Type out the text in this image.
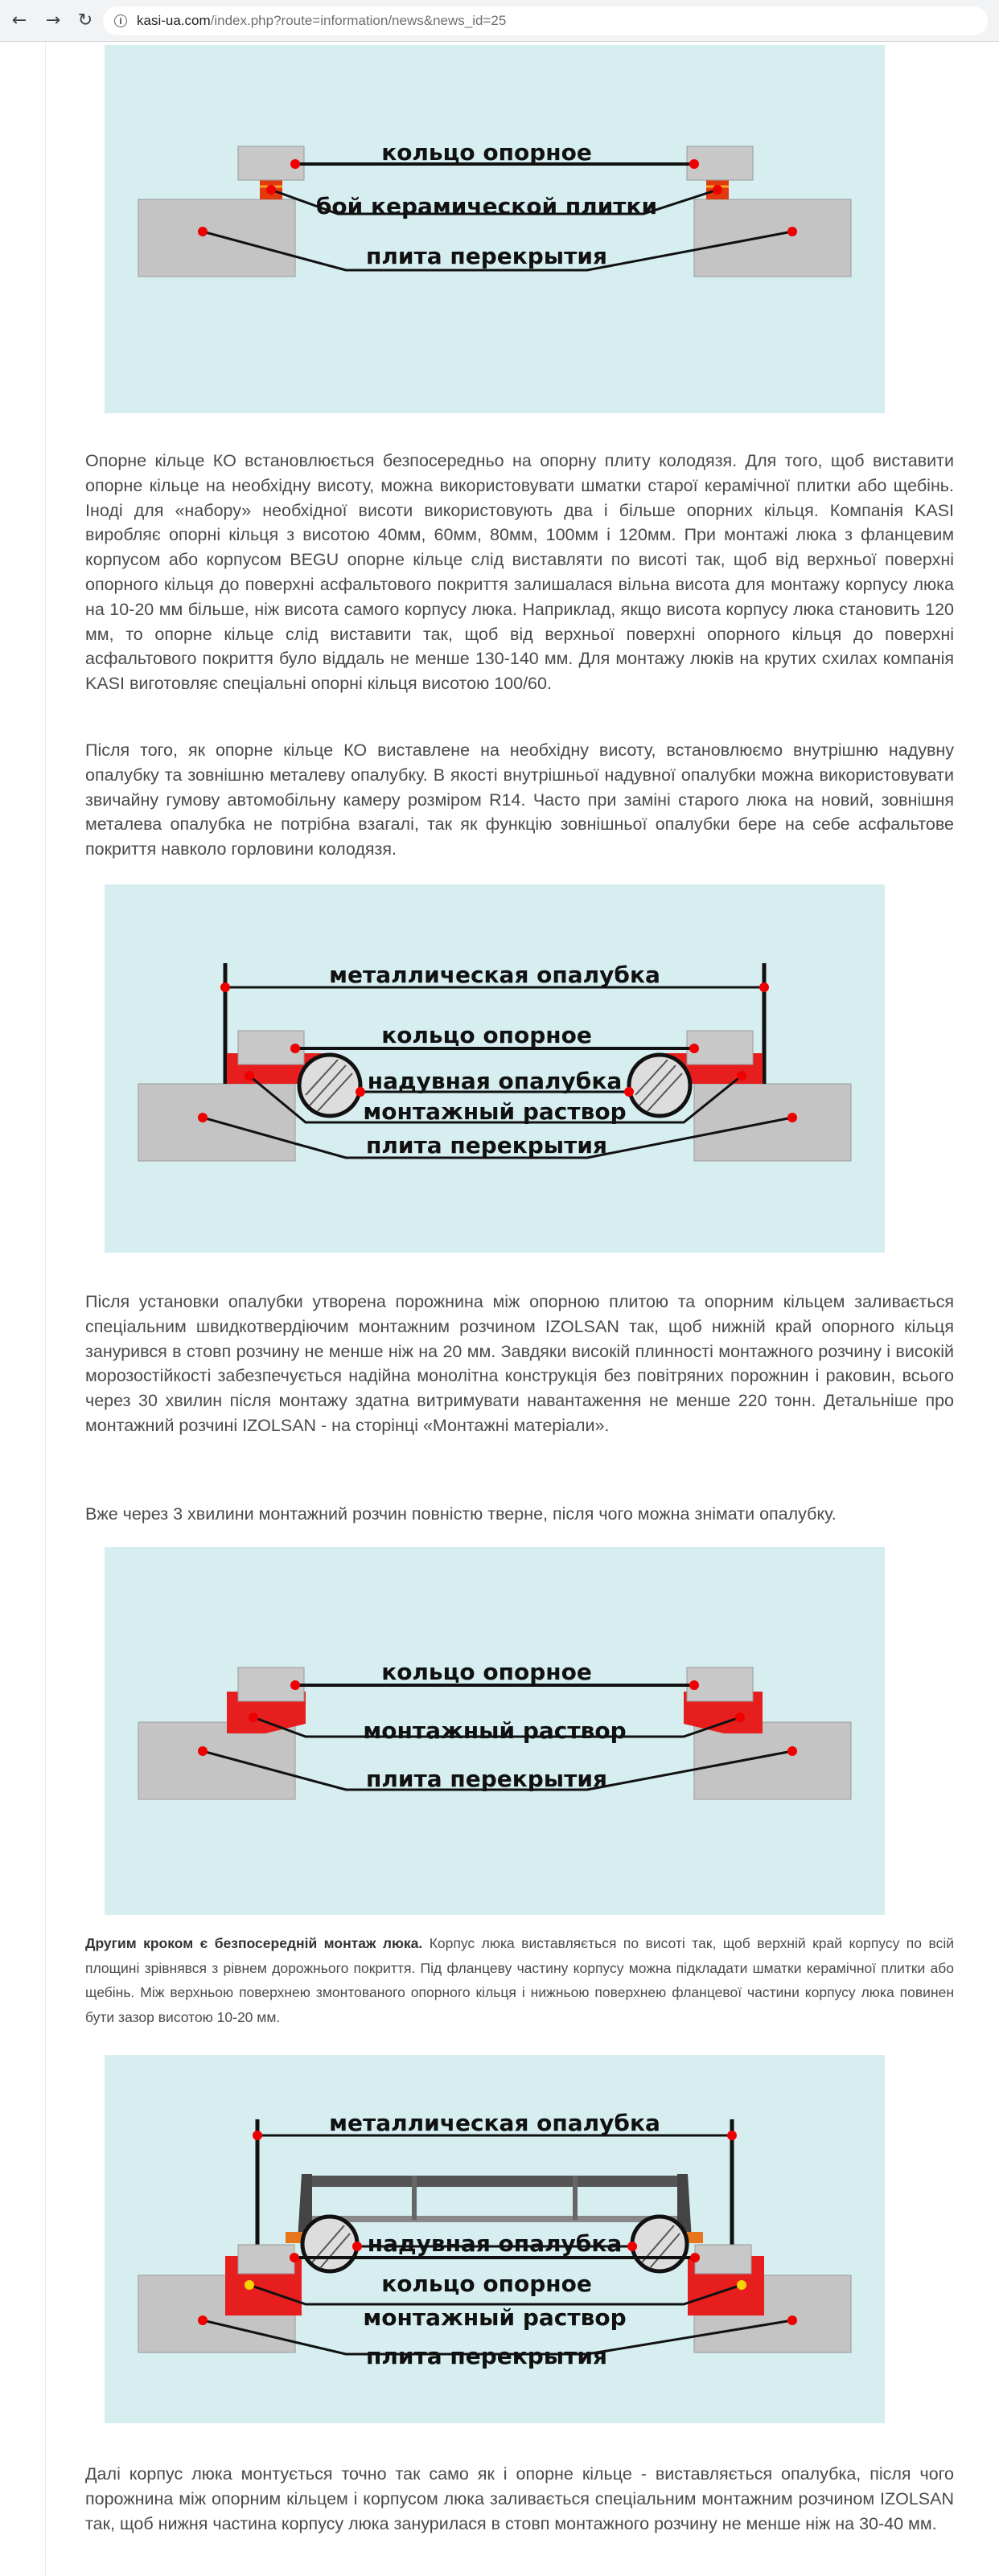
←	→ ↻	i	kasi-ua.com/index.php?route=information/news&news_id=25
кольцо опорное
бой керамической плитки
плита перекрытия

Опорне кільце КО встановлюється безпосередньо на опорну плиту колодязя. Для того, щоб виставити опорне кільце на необхідну висоту, можна використовувати шматки старої керамічної плитки або щебінь. Іноді для «набору» необхідної висоти використовують два і більше опорних кільця. Компанія KASI виробляє опорні кільця з висотою 40мм, 60мм, 80мм, 100мм і 120мм. При монтажі люка з фланцевим корпусом або корпусом BEGU опорне кільце слід виставляти по висоті так, щоб від верхньої поверхні опорного кільця до поверхні асфальтового покриття залишалася вільна висота для монтажу корпусу люка на 10-20 мм більше, ніж висота самого корпусу люка. Наприклад, якщо висота корпусу люка становить 120 мм, то опорне кільце слід виставити так, щоб від верхньої поверхні опорного кільця до поверхні асфальтового покриття було віддаль не менше 130-140 мм. Для монтажу люків на крутих схилах компанія KASI виготовляє спеціальні опорні кільця висотою 100/60.

Після того, як опорне кільце КО виставлене на необхідну висоту, встановлюємо внутрішню надувну опалубку та зовнішню металеву опалубку. В якості внутрішньої надувної опалубки можна використовувати звичайну гумову автомобільну камеру розміром R14. Часто при заміні старого люка на новий, зовнішня металева опалубка не потрібна взагалі, так як функцію зовнішньої опалубки бере на себе асфальтове покриття навколо горловини колодязя.

металлическая опалубка
кольцо опорное
надувная опалубка
монтажный раствор
плита перекрытия

Після установки опалубки утворена порожнина між опорною плитою та опорним кільцем заливається спеціальним швидкотвердіючим монтажним розчином IZOLSAN так, щоб нижній край опорного кільця занурився в стовп розчину не менше ніж на 20 мм. Завдяки високій плинності монтажного розчину і високій морозостійкості забезпечується надійна монолітна конструкція без повітряних порожнин і раковин, всього через 30 хвилин після монтажу здатна витримувати навантаження не менше 220 тонн. Детальніше про монтажний розчині IZOLSAN - на сторінці «Монтажні матеріали».

Вже через 3 хвилини монтажний розчин повністю тверне, після чого можна знімати опалубку.

кольцо опорное
монтажный раствор
плита перекрытия

Другим кроком є безпосередній монтаж люка. Корпус люка виставляється по висоті так, щоб верхній край корпусу по всій площині зрівнявся з рівнем дорожнього покриття. Під фланцеву частину корпусу можна підкладати шматки керамічної плитки або щебінь. Між верхньою поверхнею змонтованого опорного кільця і нижньою поверхнею фланцевої частини корпусу люка повинен бути зазор висотою 10-20 мм.

металлическая опалубка
надувная опалубка
кольцо опорное
монтажный раствор
плита перекрытия

Далі корпус люка монтується точно так само як і опорне кільце - виставляється опалубка, після чого порожнина між опорним кільцем і корпусом люка заливається спеціальним монтажним розчином IZOLSAN так, щоб нижня частина корпусу люка занурилася в стовп монтажного розчину не менше ніж на 30-40 мм.
